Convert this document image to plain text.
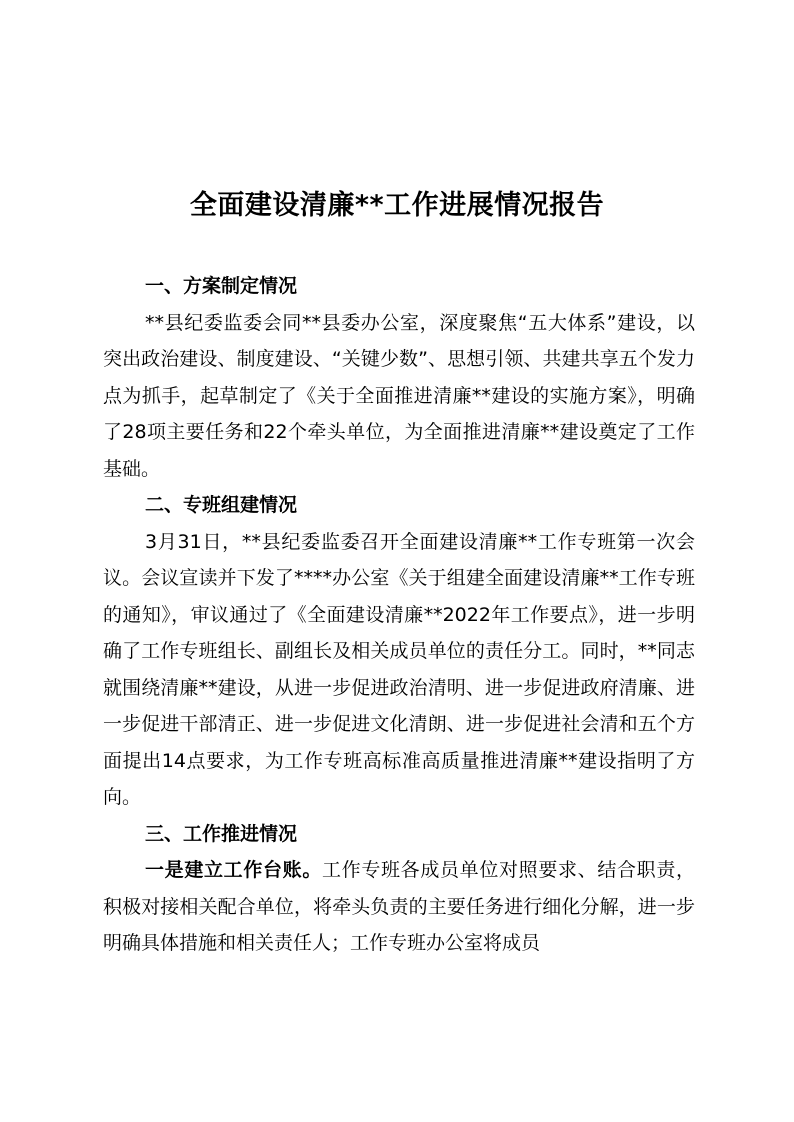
全面建设清廉**工作进展情况报告

一、方案制定情况

**县纪委监委会同**县委办公室，深度聚焦“五大体系”建设，以突出政治建设、制度建设、“关键少数”、思想引领、共建共享五个发力点为抓手，起草制定了《关于全面推进清廉**建设的实施方案》，明确了28项主要任务和22个牵头单位，为全面推进清廉**建设奠定了工作基础。

二、专班组建情况

3月31日，**县纪委监委召开全面建设清廉**工作专班第一次会议。会议宣读并下发了****办公室《关于组建全面建设清廉**工作专班的通知》，审议通过了《全面建设清廉**2022年工作要点》，进一步明确了工作专班组长、副组长及相关成员单位的责任分工。同时，**同志就围绕清廉**建设，从进一步促进政治清明、进一步促进政府清廉、进一步促进干部清正、进一步促进文化清朗、进一步促进社会清和五个方面提出14点要求，为工作专班高标准高质量推进清廉**建设指明了方向。

三、工作推进情况

一是建立工作台账。工作专班各成员单位对照要求、结合职责，积极对接相关配合单位，将牵头负责的主要任务进行细化分解，进一步明确具体措施和相关责任人；工作专班办公室将成员
